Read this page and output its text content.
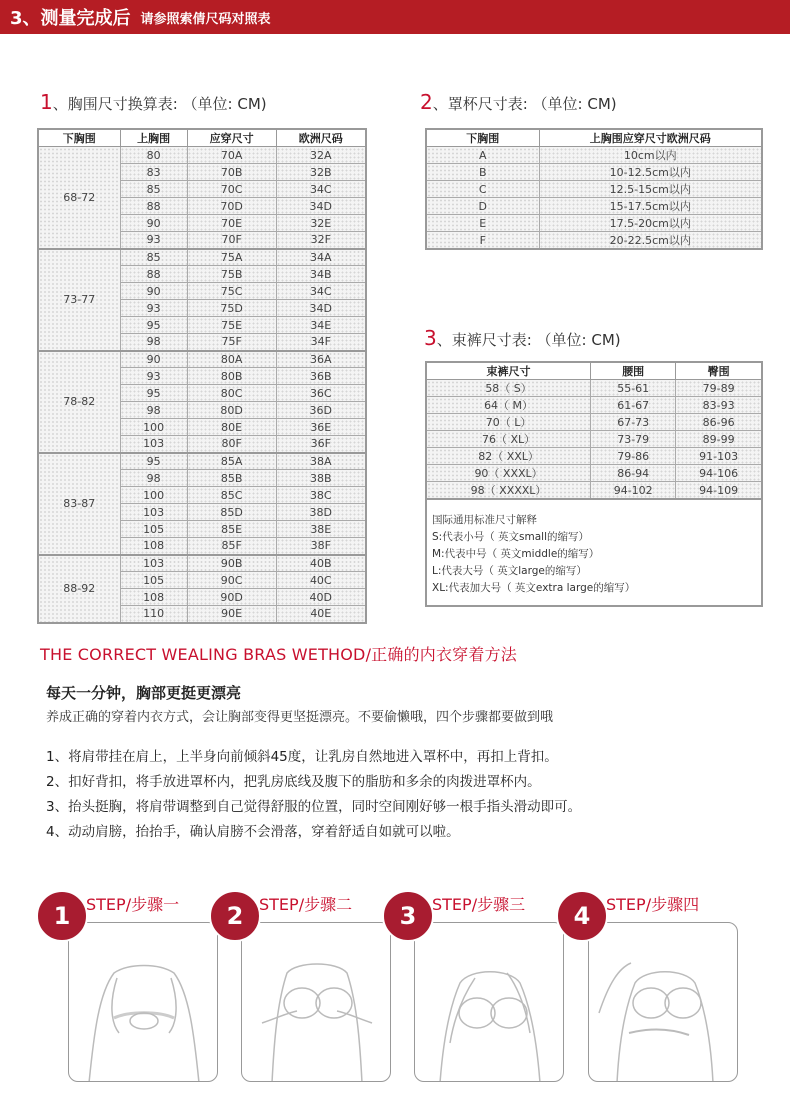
3、测量完成后 请参照索倩尺码对照表
1、胸围尺寸换算表: （单位: CM)	2、罩杯尺寸表: （单位: CM)
3、束裤尺寸表: （单位: CM)
下胸围	上胸围	应穿尺寸	欧洲尺码
68-72	80	70A	32A
	83	70B	32B
	85	70C	34C
	88	70D	34D
	90	70E	32E
	93	70F	32F
73-77	85	75A	34A
	88	75B	34B
	90	75C	34C
	93	75D	34D
	95	75E	34E
	98	75F	34F
78-82	90	80A	36A
	93	80B	36B
	95	80C	36C
	98	80D	36D
	100	80E	36E
	103	80F	36F
83-87	95	85A	38A
	98	85B	38B
	100	85C	38C
	103	85D	38D
	105	85E	38E
	108	85F	38F
88-92	103	90B	40B
	105	90C	40C
	108	90D	40D
	110	90E	40E
下胸围	上胸围应穿尺寸欧洲尺码
A	10cm以内
B	10-12.5cm以内
C	12.5-15cm以内
D	15-17.5cm以内
E	17.5-20cm以内
F	20-22.5cm以内
束裤尺寸	腰围	臀围
58（ S）	55-61	79-89
64（ M）	61-67	83-93
70（ L）	67-73	86-96
76（ XL）	73-79	89-99
82（ XXL）	79-86	91-103
90（ XXXL）	86-94	94-106
98（ XXXXL）	94-102	94-109
国际通用标准尺寸解释
S:代表小号（ 英文small的缩写）
M:代表中号（ 英文middle的缩写）
L:代表大号（ 英文large的缩写）
XL:代表加大号（ 英文extra large的缩写）
THE CORRECT WEALING BRAS WETHOD/正确的内衣穿着方法
每天一分钟，胸部更挺更漂亮
养成正确的穿着内衣方式，会让胸部变得更坚挺漂亮。不要偷懒哦，四个步骤都要做到哦
1、将肩带挂在肩上，上半身向前倾斜45度，让乳房自然地进入罩杯中，再扣上背扣。
2、扣好背扣，将手放进罩杯内，把乳房底线及腹下的脂肪和多余的肉拨进罩杯内。
3、抬头挺胸，将肩带调整到自己觉得舒服的位置，同时空间刚好够一根手指头滑动即可。
4、动动肩膀，抬抬手，确认肩膀不会滑落，穿着舒适自如就可以啦。
1 STEP/步骤一	2 STEP/步骤二	3 STEP/步骤三	4 STEP/步骤四
